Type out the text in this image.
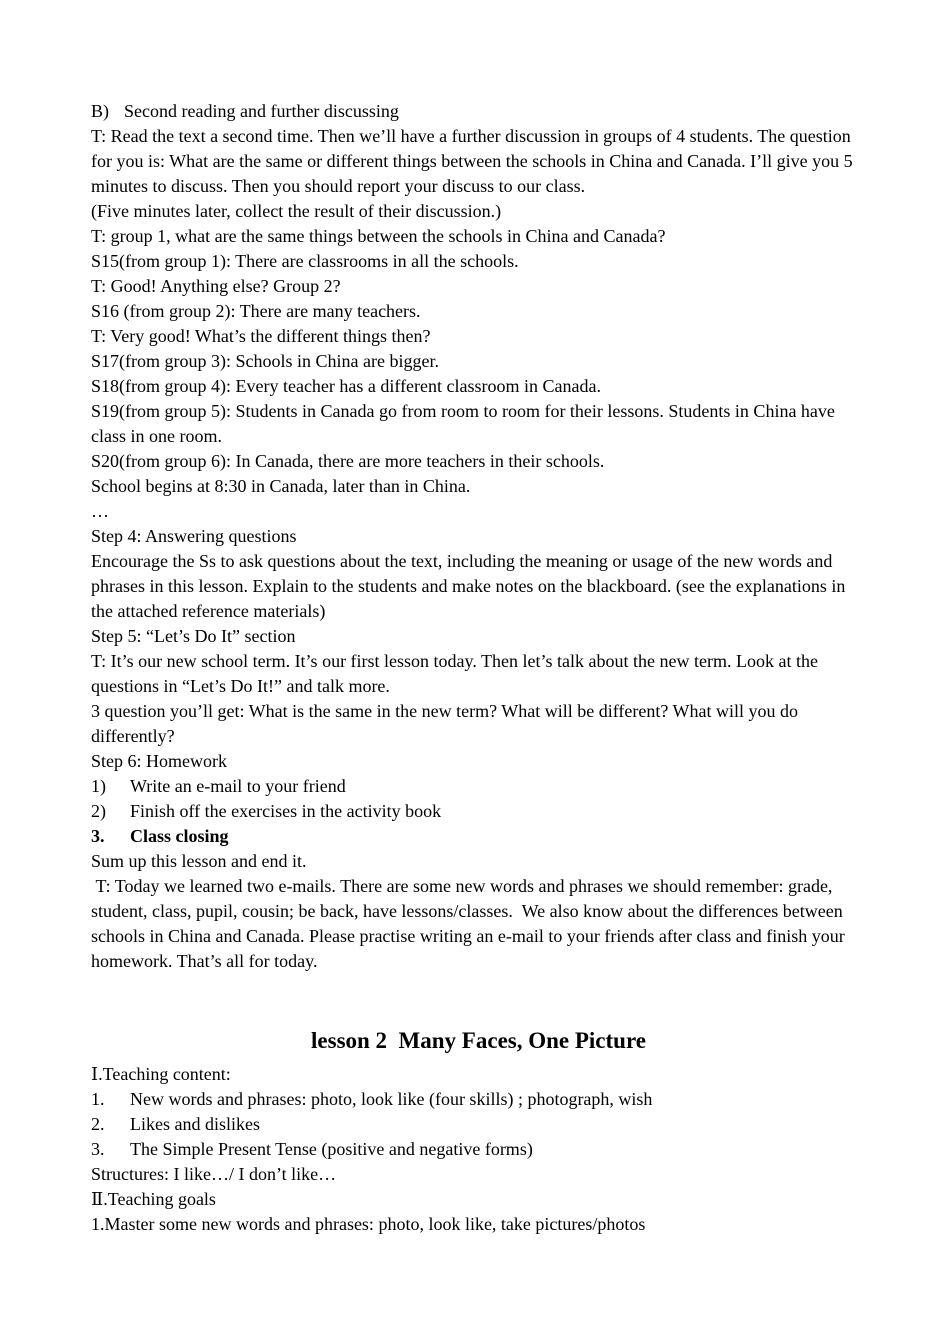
B) Second reading and further discussing

T: Read the text a second time. Then we’ll have a further discussion in groups of 4 students. The question for you is: What are the same or different things between the schools in China and Canada. I’ll give you 5 minutes to discuss. Then you should report your discuss to our class.

(Five minutes later, collect the result of their discussion.)

T: group 1, what are the same things between the schools in China and Canada?

S15(from group 1): There are classrooms in all the schools.

T: Good! Anything else? Group 2?

S16 (from group 2): There are many teachers.

T: Very good! What’s the different things then?

S17(from group 3): Schools in China are bigger.

S18(from group 4): Every teacher has a different classroom in Canada.

S19(from group 5): Students in Canada go from room to room for their lessons. Students in China have class in one room.

S20(from group 6): In Canada, there are more teachers in their schools.

School begins at 8:30 in Canada, later than in China.

…

Step 4: Answering questions

Encourage the Ss to ask questions about the text, including the meaning or usage of the new words and phrases in this lesson. Explain to the students and make notes on the blackboard. (see the explanations in the attached reference materials)

Step 5: “Let’s Do It” section

T: It’s our new school term. It’s our first lesson today. Then let’s talk about the new term. Look at the questions in “Let’s Do It!” and talk more.

3 question you’ll get: What is the same in the new term? What will be different? What will you do differently?

Step 6: Homework

1)	Write an e-mail to your friend
2)	Finish off the exercises in the activity book
3.	Class closing

Sum up this lesson and end it.

T: Today we learned two e-mails. There are some new words and phrases we should remember: grade, student, class, pupil, cousin; be back, have lessons/classes.  We also know about the differences between schools in China and Canada. Please practise writing an e-mail to your friends after class and finish your homework. That’s all for today.

lesson 2  Many Faces, One Picture

Ⅰ.Teaching content:

1.	New words and phrases: photo, look like (four skills) ; photograph, wish
2.	Likes and dislikes
3.	The Simple Present Tense (positive and negative forms)

Structures: I like…/ I don’t like…

Ⅱ.Teaching goals

1.Master some new words and phrases: photo, look like, take pictures/photos
